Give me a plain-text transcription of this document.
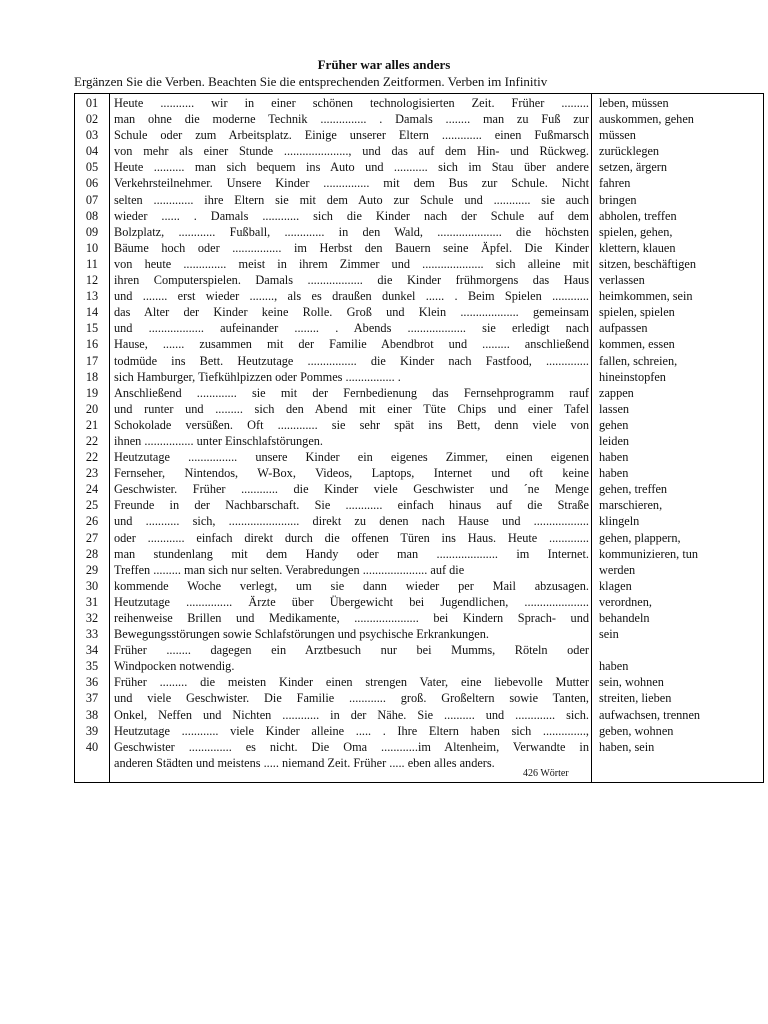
Früher war alles anders
Ergänzen Sie die Verben. Beachten Sie die entsprechenden Zeitformen. Verben im Infinitiv
01
02
03
04
05
06
07
08
09
10
11
12
13
14
15
16
17
18
19
20
21
22
22
23
24
25
26
27
28
29
30
31
32
33
34
35
36
37
38
39
40
Heute ........... wir in einer schönen technologisierten Zeit. Früher .........
man ohne die moderne Technik ............... . Damals ........ man zu Fuß zur
Schule oder zum Arbeitsplatz. Einige unserer Eltern ............. einen Fußmarsch
von mehr als einer Stunde ....................., und das auf dem Hin- und Rückweg.
Heute .......... man sich bequem ins Auto und ........... sich im Stau über andere
Verkehrsteilnehmer. Unsere Kinder ............... mit dem Bus zur Schule. Nicht
selten ............. ihre Eltern sie mit dem Auto zur Schule und ............ sie auch
wieder ...... . Damals ............ sich die Kinder nach der Schule auf dem
Bolzplatz, ............ Fußball, ............. in den Wald, ..................... die höchsten
Bäume hoch oder ................ im Herbst den Bauern seine Äpfel. Die Kinder
von heute .............. meist in ihrem Zimmer und .................... sich alleine mit
ihren Computerspielen. Damals .................. die Kinder frühmorgens das Haus
und ........ erst wieder ........, als es draußen dunkel ...... . Beim Spielen ............
das Alter der Kinder keine Rolle. Groß und Klein ................... gemeinsam
und .................. aufeinander ........ . Abends ................... sie erledigt nach
Hause, ....... zusammen mit der Familie Abendbrot und ......... anschließend
todmüde ins Bett. Heutzutage ................ die Kinder nach Fastfood, ..............
sich Hamburger, Tiefkühlpizzen oder Pommes ................ .
Anschließend ............. sie mit der Fernbedienung das Fernsehprogramm rauf
und runter und ......... sich den Abend mit einer Tüte Chips und einer Tafel
Schokolade versüßen. Oft ............. sie sehr spät ins Bett, denn viele von
ihnen ................ unter Einschlafstörungen.
Heutzutage ................ unsere Kinder ein eigenes Zimmer, einen eigenen
Fernseher, Nintendos, W-Box, Videos, Laptops, Internet und oft keine
Geschwister. Früher ............ die Kinder viele Geschwister und ´ne Menge
Freunde in der Nachbarschaft. Sie ............ einfach hinaus auf die Straße
und ........... sich, ....................... direkt zu denen nach Hause und ..................
oder ............ einfach direkt durch die offenen Türen ins Haus. Heute .............
man stundenlang mit dem Handy oder man .................... im Internet.
Treffen ......... man sich nur selten. Verabredungen ..................... auf die
kommende Woche verlegt, um sie dann wieder per Mail abzusagen.
Heutzutage ............... Ärzte über Übergewicht bei Jugendlichen, .....................
reihenweise Brillen und Medikamente, ..................... bei Kindern Sprach- und
Bewegungsstörungen sowie Schlafstörungen und psychische Erkrankungen.
Früher ........ dagegen ein Arztbesuch nur bei Mumms, Röteln oder
Windpocken notwendig.
Früher ......... die meisten Kinder einen strengen Vater, eine liebevolle Mutter
und viele Geschwister. Die Familie ............ groß. Großeltern sowie Tanten,
Onkel, Neffen und Nichten ............ in der Nähe. Sie .......... und ............. sich.
Heutzutage ............ viele Kinder alleine ..... . Ihre Eltern haben sich ..............,
Geschwister .............. es nicht. Die Oma ............im Altenheim, Verwandte in
anderen Städten und meistens ..... niemand Zeit. Früher ..... eben alles anders.
leben, müssen
auskommen, gehen
müssen
zurücklegen
setzen, ärgern
fahren
bringen
abholen, treffen
spielen, gehen,
klettern, klauen
sitzen, beschäftigen
verlassen
heimkommen, sein
spielen, spielen
aufpassen
kommen, essen
fallen, schreien,
hineinstopfen
zappen
lassen
gehen
leiden
haben
haben
gehen, treffen
marschieren,
klingeln
gehen, plappern,
kommunizieren, tun
werden
klagen
verordnen,
behandeln
sein
haben
sein, wohnen
streiten, lieben
aufwachsen, trennen
geben, wohnen
haben, sein
426 Wörter
